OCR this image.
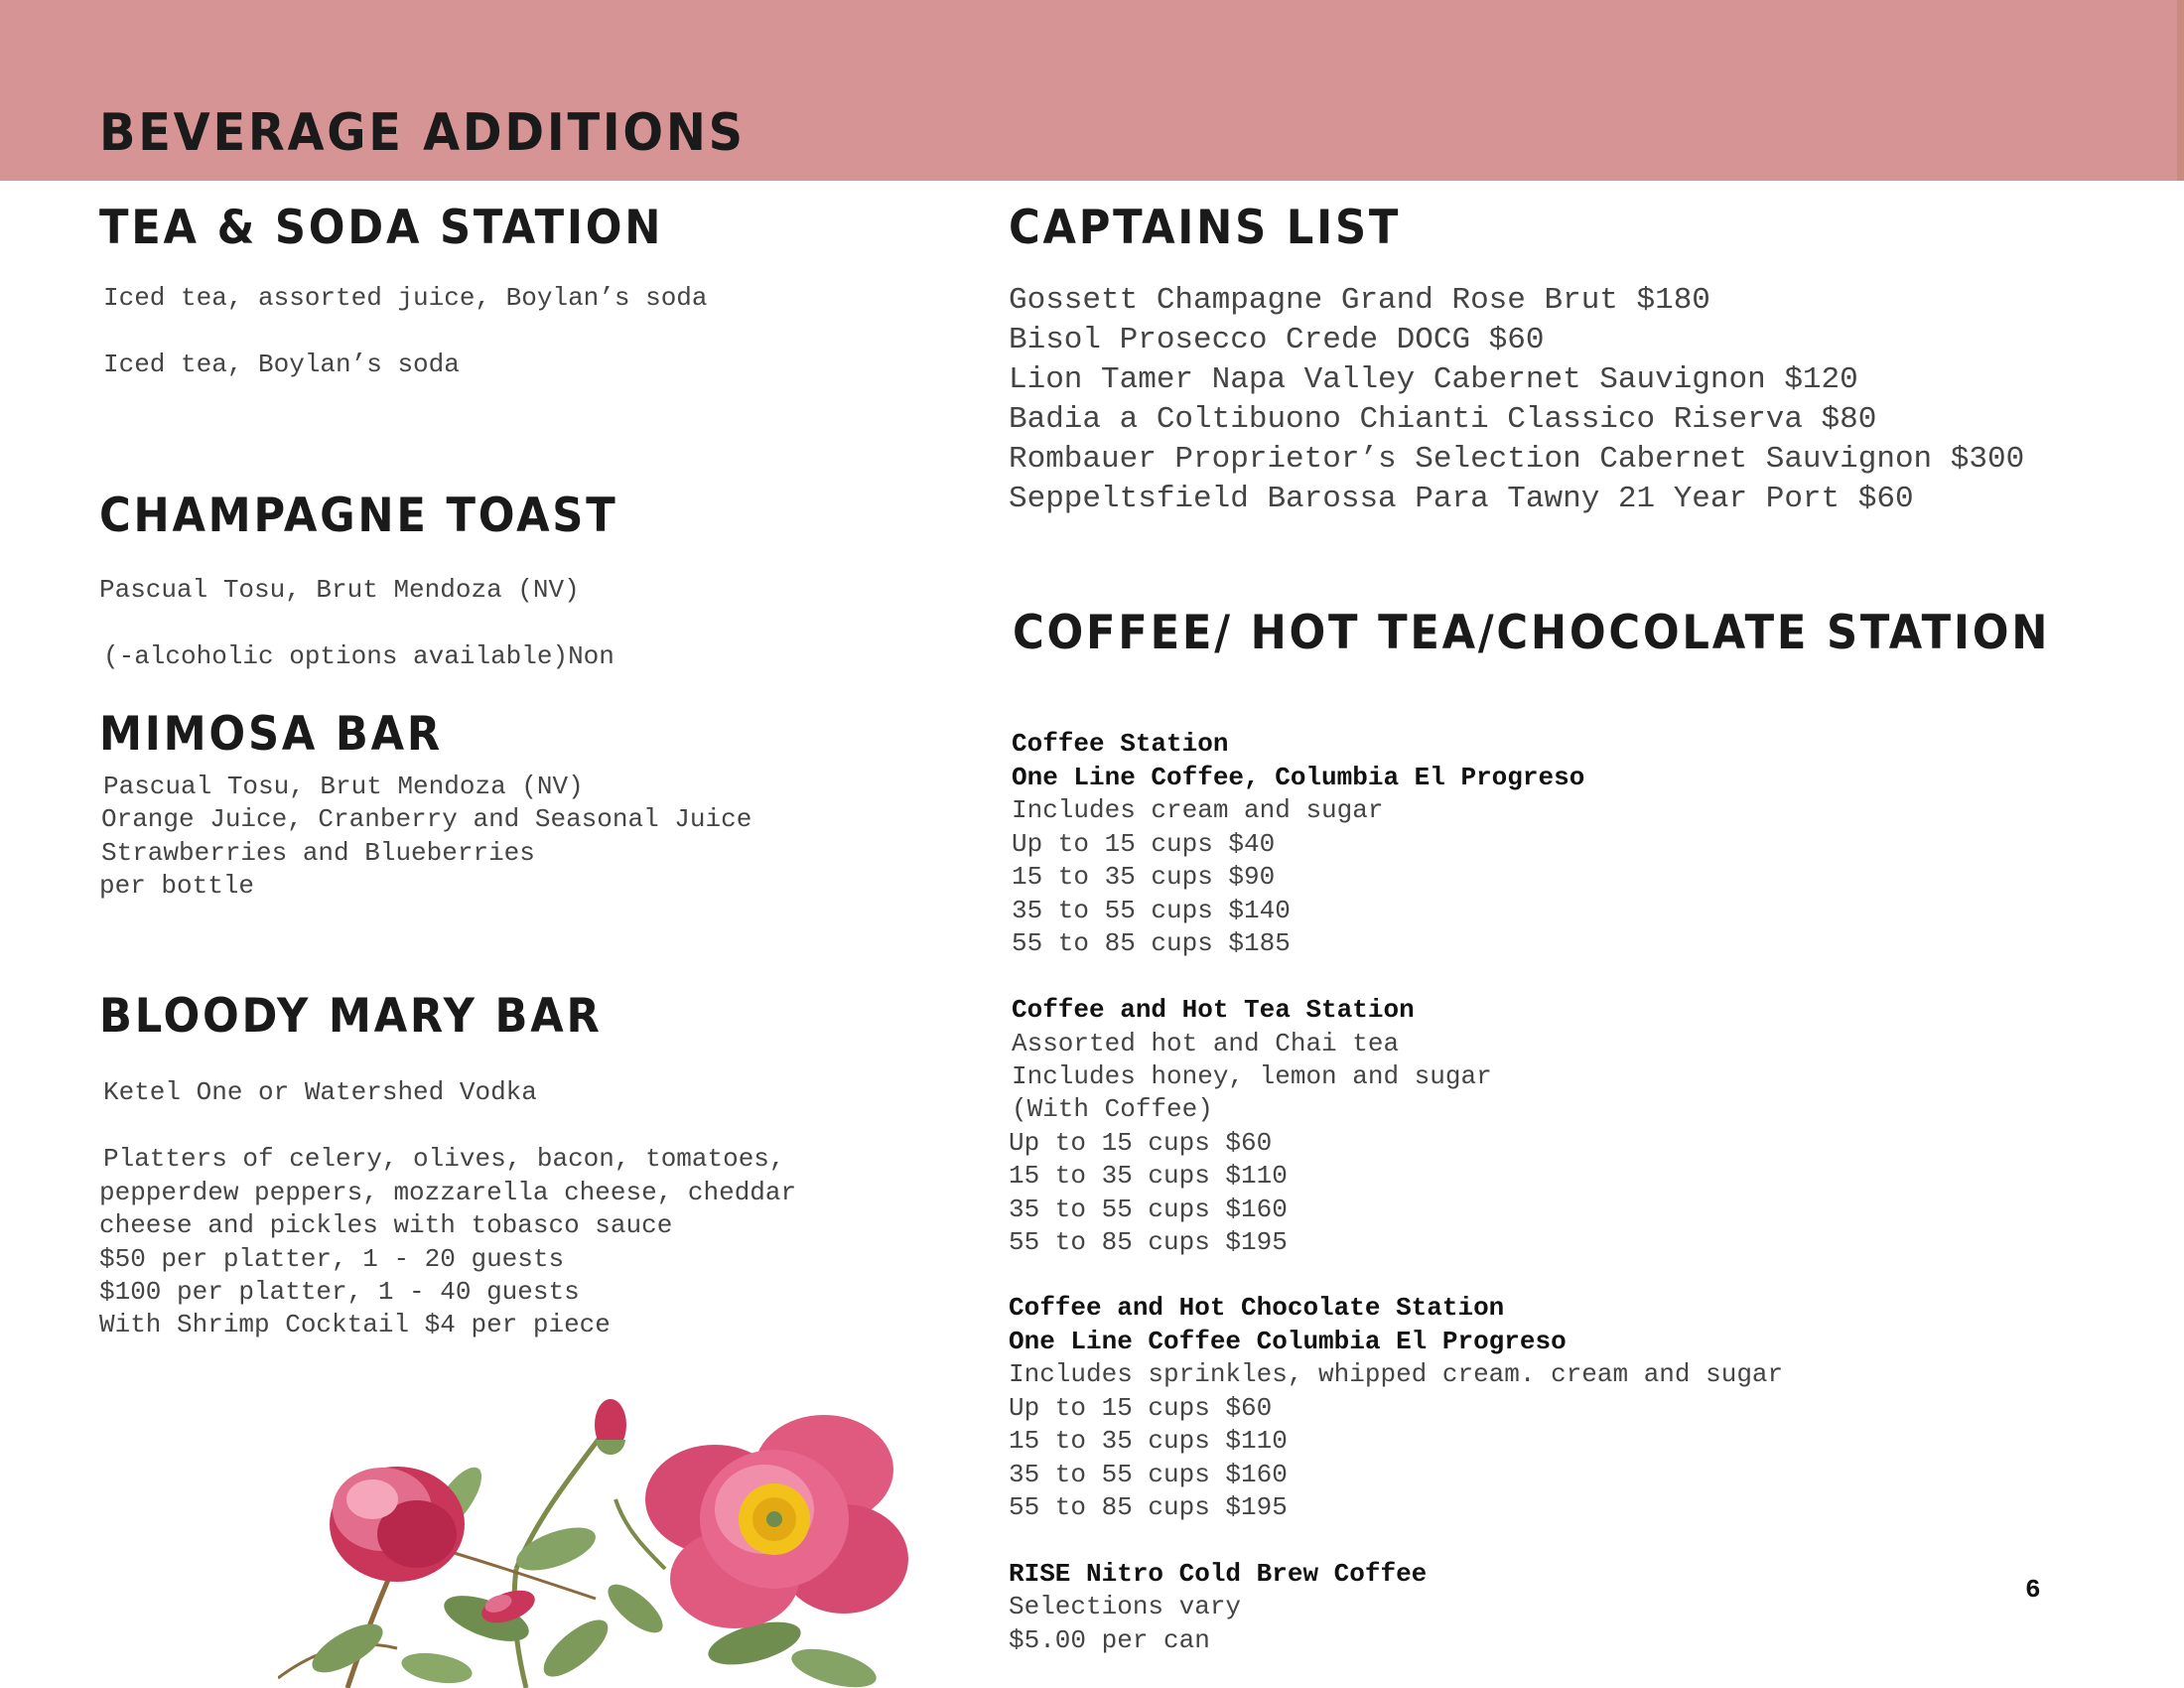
BEVERAGE ADDITIONS
TEA & SODA STATION

Iced tea, assorted juice, Boylan’s soda

Iced tea, Boylan’s soda

CHAMPAGNE TOAST

Pascual Tosu, Brut Mendoza (NV)

(-alcoholic options available)Non

MIMOSA BAR

Pascual Tosu, Brut Mendoza (NV)

Orange Juice, Cranberry and Seasonal Juice

Strawberries and Blueberries

per bottle

BLOODY MARY BAR

Ketel One or Watershed Vodka

Platters of celery, olives, bacon, tomatoes,

pepperdew peppers, mozzarella cheese, cheddar

cheese and pickles with tobasco sauce

$50 per platter, 1 - 20 guests

$100 per platter, 1 - 40 guests

With Shrimp Cocktail $4 per piece

CAPTAINS LIST

Gossett Champagne Grand Rose Brut $180

Bisol Prosecco Crede DOCG $60

Lion Tamer Napa Valley Cabernet Sauvignon $120

Badia a Coltibuono Chianti Classico Riserva $80

Rombauer Proprietor’s Selection Cabernet Sauvignon $300

Seppeltsfield Barossa Para Tawny 21 Year Port $60

COFFEE/ HOT TEA/CHOCOLATE STATION

Coffee Station

One Line Coffee, Columbia El Progreso

Includes cream and sugar

Up to 15 cups $40

15 to 35 cups $90

35 to 55 cups $140

55 to 85 cups $185

Coffee and Hot Tea Station

Assorted hot and Chai tea

Includes honey, lemon and sugar

(With Coffee)

Up to 15 cups $60

15 to 35 cups $110

35 to 55 cups $160

55 to 85 cups $195

Coffee and Hot Chocolate Station

One Line Coffee Columbia El Progreso

Includes sprinkles, whipped cream. cream and sugar

Up to 15 cups $60

15 to 35 cups $110

35 to 55 cups $160

55 to 85 cups $195

RISE Nitro Cold Brew Coffee

Selections vary

$5.00 per can

6
